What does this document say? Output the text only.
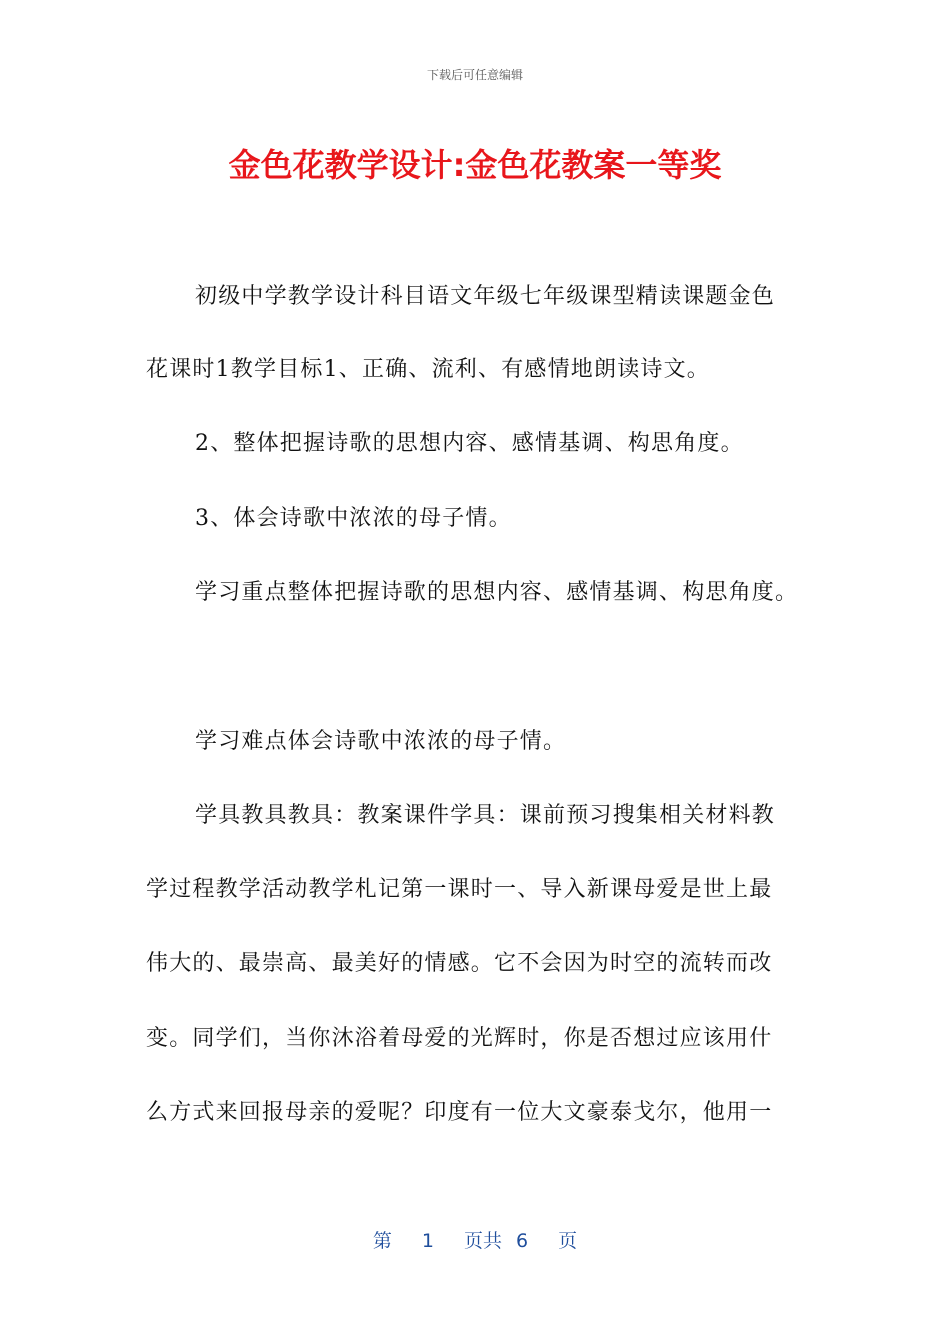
下载后可任意编辑
金色花教学设计:金色花教案一等奖
初级中学教学设计科目语文年级七年级课型精读课题金色
花课时1教学目标1、正确、流利、有感情地朗读诗文。
2、整体把握诗歌的思想内容、感情基调、构思角度。
3、体会诗歌中浓浓的母子情。
学习重点整体把握诗歌的思想内容、感情基调、构思角度。
学习难点体会诗歌中浓浓的母子情。
学具教具教具：教案课件学具：课前预习搜集相关材料教
学过程教学活动教学札记第一课时一、导入新课母爱是世上最
伟大的、最崇高、最美好的情感。它不会因为时空的流转而改
变。同学们，当你沐浴着母爱的光辉时，你是否想过应该用什
么方式来回报母亲的爱呢？印度有一位大文豪泰戈尔，他用一
第 1 页共 6 页
